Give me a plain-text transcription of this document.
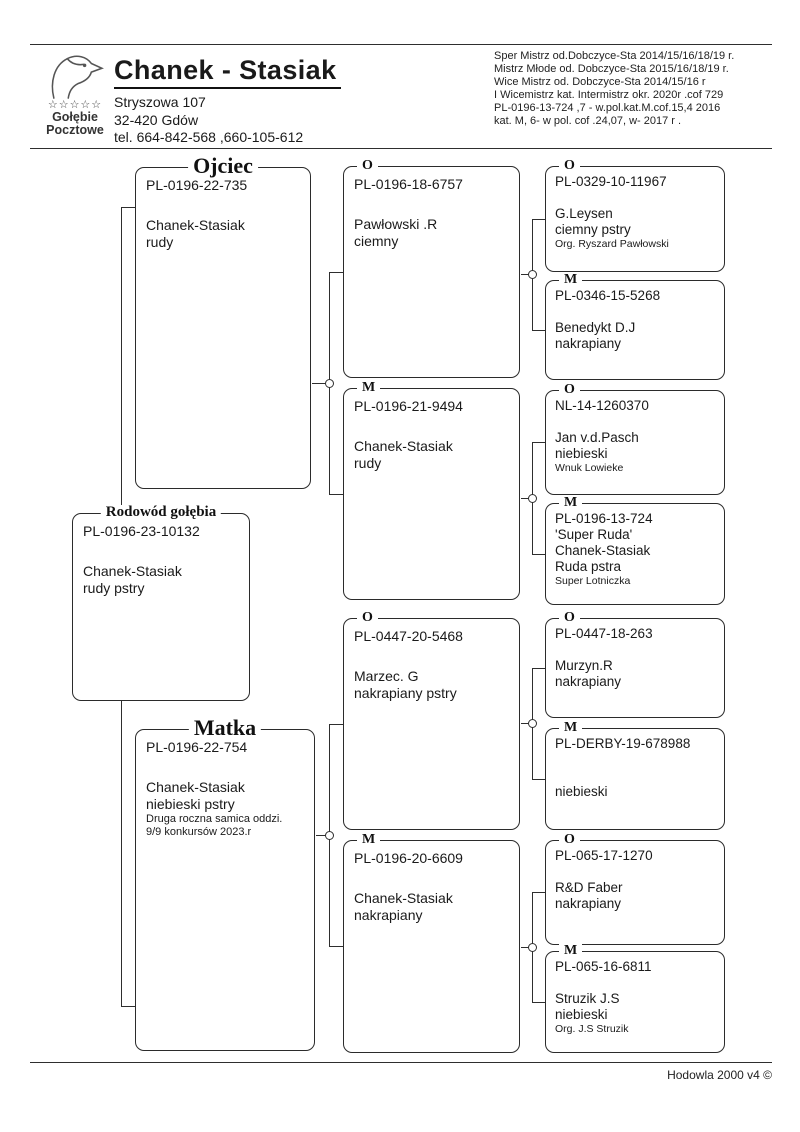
☆☆☆☆☆
Gołębie
Pocztowe
Chanek - Stasiak
Stryszowa 107
32-420 Gdów
tel. 664-842-568 ,660-105-612
Sper Mistrz od.Dobczyce-Sta 2014/15/16/18/19 r.
Mistrz Młode od. Dobczyce-Sta 2015/16/18/19 r.
Wice Mistrz od. Dobczyce-Sta 2014/15/16 r
I Wicemistrz kat. Intermistrz okr. 2020r .cof 729
PL-0196-13-724 ,7 - w.pol.kat.M.cof.15,4 2016
kat. M, 6- w pol. cof .24,07, w- 2017 r .
Rodowód gołębia
PL-0196-23-10132
Chanek-Stasiak
rudy pstry
Ojciec
PL-0196-22-735
Chanek-Stasiak
rudy
Matka
PL-0196-22-754
Chanek-Stasiak
niebieski pstry
Druga roczna samica oddzi.
9/9 konkursów 2023.r
O
PL-0196-18-6757
Pawłowski .R
ciemny
M
PL-0196-21-9494
Chanek-Stasiak
rudy
O
PL-0447-20-5468
Marzec. G
nakrapiany pstry
M
PL-0196-20-6609
Chanek-Stasiak
nakrapiany
O
PL-0329-10-11967
G.Leysen
ciemny pstry
Org. Ryszard Pawłowski
M
PL-0346-15-5268
Benedykt D.J
nakrapiany
O
NL-14-1260370
Jan v.d.Pasch
niebieski
Wnuk Lowieke
M
PL-0196-13-724
'Super Ruda'
Chanek-Stasiak
Ruda pstra
Super Lotniczka
O
PL-0447-18-263
Murzyn.R
nakrapiany
M
PL-DERBY-19-678988
niebieski
O
PL-065-17-1270
R&D Faber
nakrapiany
M
PL-065-16-6811
Struzik J.S
niebieski
Org. J.S Struzik
Hodowla 2000 v4 ©
